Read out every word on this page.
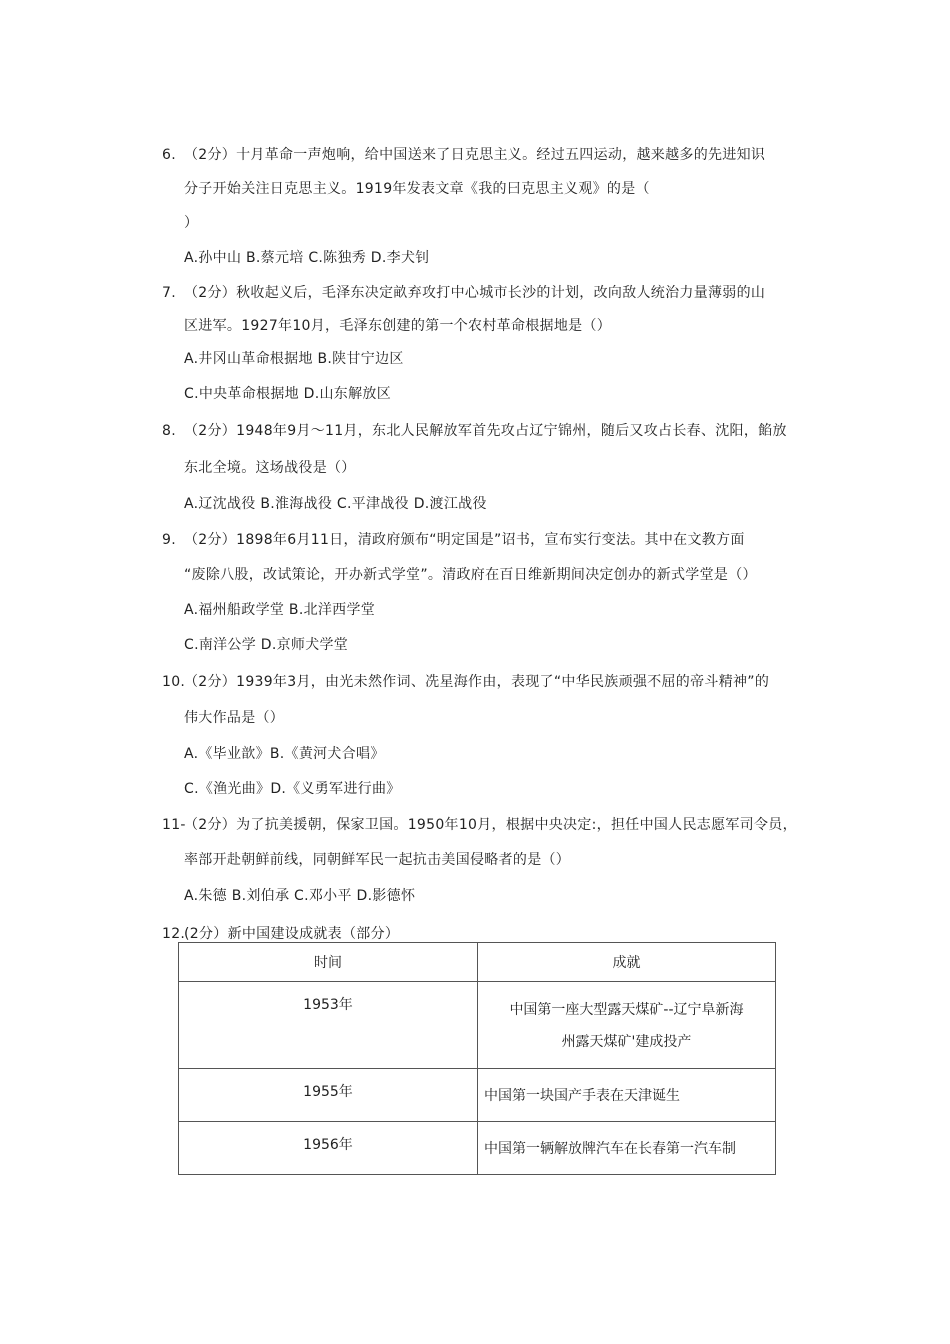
6. （2分）十月革命一声炮响，给中国送来了日克思主义。经过五四运动，越来越多的先进知识
分子开始关注日克思主义。1919年发表文章《我的曰克思主义观》的是（
）
A.孙中山 B.蔡元培 C.陈独秀 D.李犬钊
7. （2分）秋收起义后，毛泽东决定畝弃攻打中心城市长沙的计划，改向敌人统治力量薄弱的山
区进军。1927年10月，毛泽东创建的第一个农村革命根据地是（）
A.井冈山革命根据地 B.陕甘宁边区
C.中央革命根据地 D.山东解放区
8. （2分）1948年9月〜11月，东北人民解放军首先攻占辽宁锦州，随后又攻占长春、沈阳，餡放
东北全境。这场战役是（）
A.辽沈战役 B.淮海战役 C.平津战役 D.渡江战役
9. （2分）1898年6月11日，清政府颁布“明定国是”诏书，宣布实行变法。其中在文教方面
“废除八股，改试策论，开办新式学堂”。清政府在百日维新期间决定创办的新式学堂是（）
A.福州船政学堂 B.北洋西学堂
C.南洋公学 D.京师犬学堂
10.（2分）1939年3月，由光未然作词、冼星海作由，表现了“中华民族顽强不屈的帝斗精神”的
伟大作品是（）
A.《毕业歆》B.《黄河犬合唱》
C.《渔光曲》D.《义勇军进行曲》
11-（2分）为了抗美援朝，保家卫国。1950年10月，根据中央决定:，担任中国人民志愿军司令员，
率部开赴朝鲜前线，同朝鲜军民一起抗击美国侵略者的是（）
A.朱德 B.刘伯承 C.邓小平 D.影德怀
12.(2分）新中国建设成就表（部分）
时间	成就
1953年	中国第一座大型露天煤矿--辽宁阜新海
州露天煤矿'建成投产

1955年	中国第一块国产手表在天津诞生
1956年	中国第一辆解放牌汽车在长春第一汽车制
